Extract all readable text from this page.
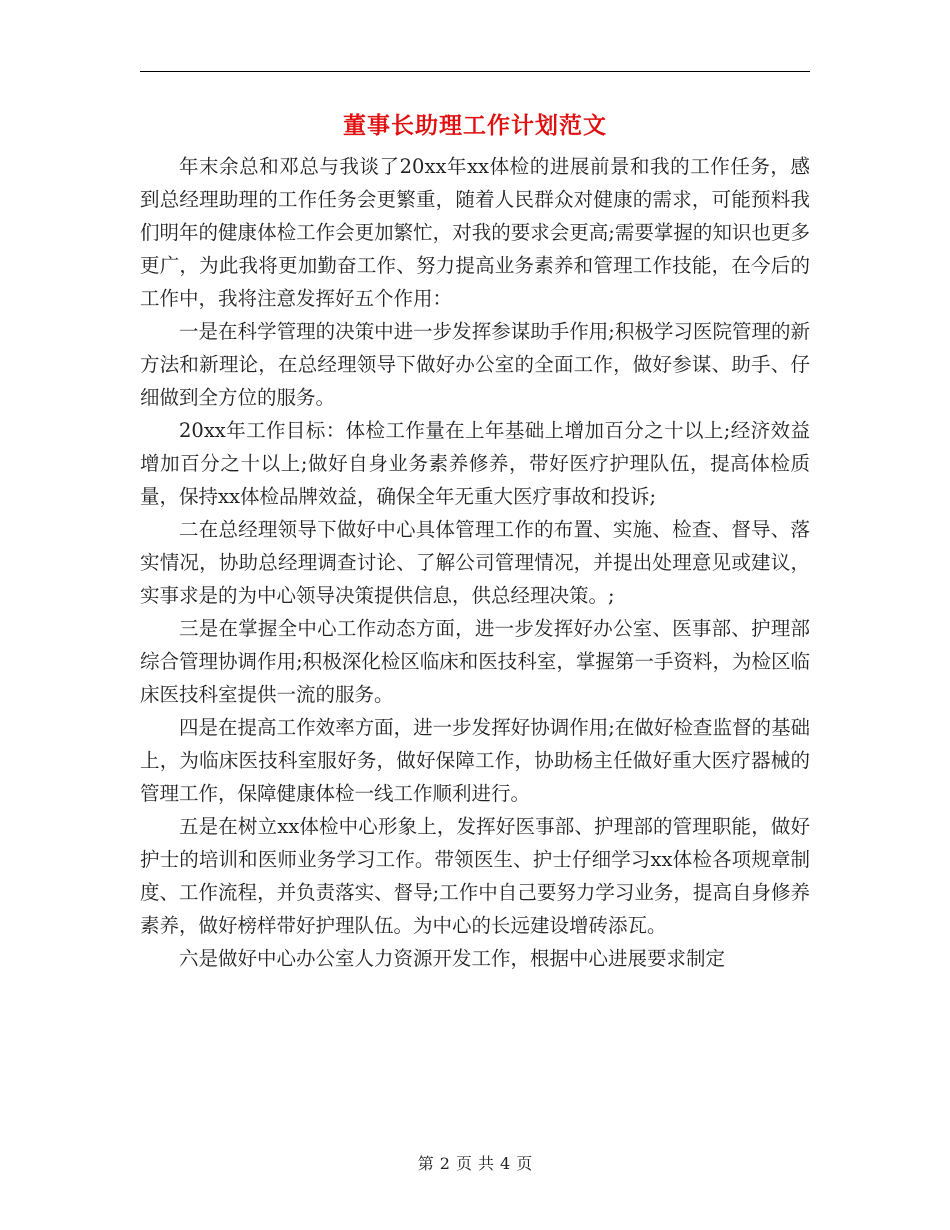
董事长助理工作计划范文

年末余总和邓总与我谈了20xx年xx体检的进展前景和我的工作任务，感到总经理助理的工作任务会更繁重，随着人民群众对健康的需求，可能预料我们明年的健康体检工作会更加繁忙，对我的要求会更高;需要掌握的知识也更多更广，为此我将更加勤奋工作、努力提高业务素养和管理工作技能，在今后的工作中，我将注意发挥好五个作用：

一是在科学管理的决策中进一步发挥参谋助手作用;积极学习医院管理的新方法和新理论，在总经理领导下做好办公室的全面工作，做好参谋、助手、仔细做到全方位的服务。

20xx年工作目标：体检工作量在上年基础上增加百分之十以上;经济效益增加百分之十以上;做好自身业务素养修养，带好医疗护理队伍，提高体检质量，保持xx体检品牌效益，确保全年无重大医疗事故和投诉;

二在总经理领导下做好中心具体管理工作的布置、实施、检查、督导、落实情况，协助总经理调查讨论、了解公司管理情况，并提出处理意见或建议，实事求是的为中心领导决策提供信息，供总经理决策。;

三是在掌握全中心工作动态方面，进一步发挥好办公室、医事部、护理部综合管理协调作用;积极深化检区临床和医技科室，掌握第一手资料，为检区临床医技科室提供一流的服务。

四是在提高工作效率方面，进一步发挥好协调作用;在做好检查监督的基础上，为临床医技科室服好务，做好保障工作，协助杨主任做好重大医疗器械的管理工作，保障健康体检一线工作顺利进行。

五是在树立xx体检中心形象上，发挥好医事部、护理部的管理职能，做好护士的培训和医师业务学习工作。带领医生、护士仔细学习xx体检各项规章制度、工作流程，并负责落实、督导;工作中自己要努力学习业务，提高自身修养素养，做好榜样带好护理队伍。为中心的长远建设增砖添瓦。

六是做好中心办公室人力资源开发工作，根据中心进展要求制定

第 2 页 共 4 页
